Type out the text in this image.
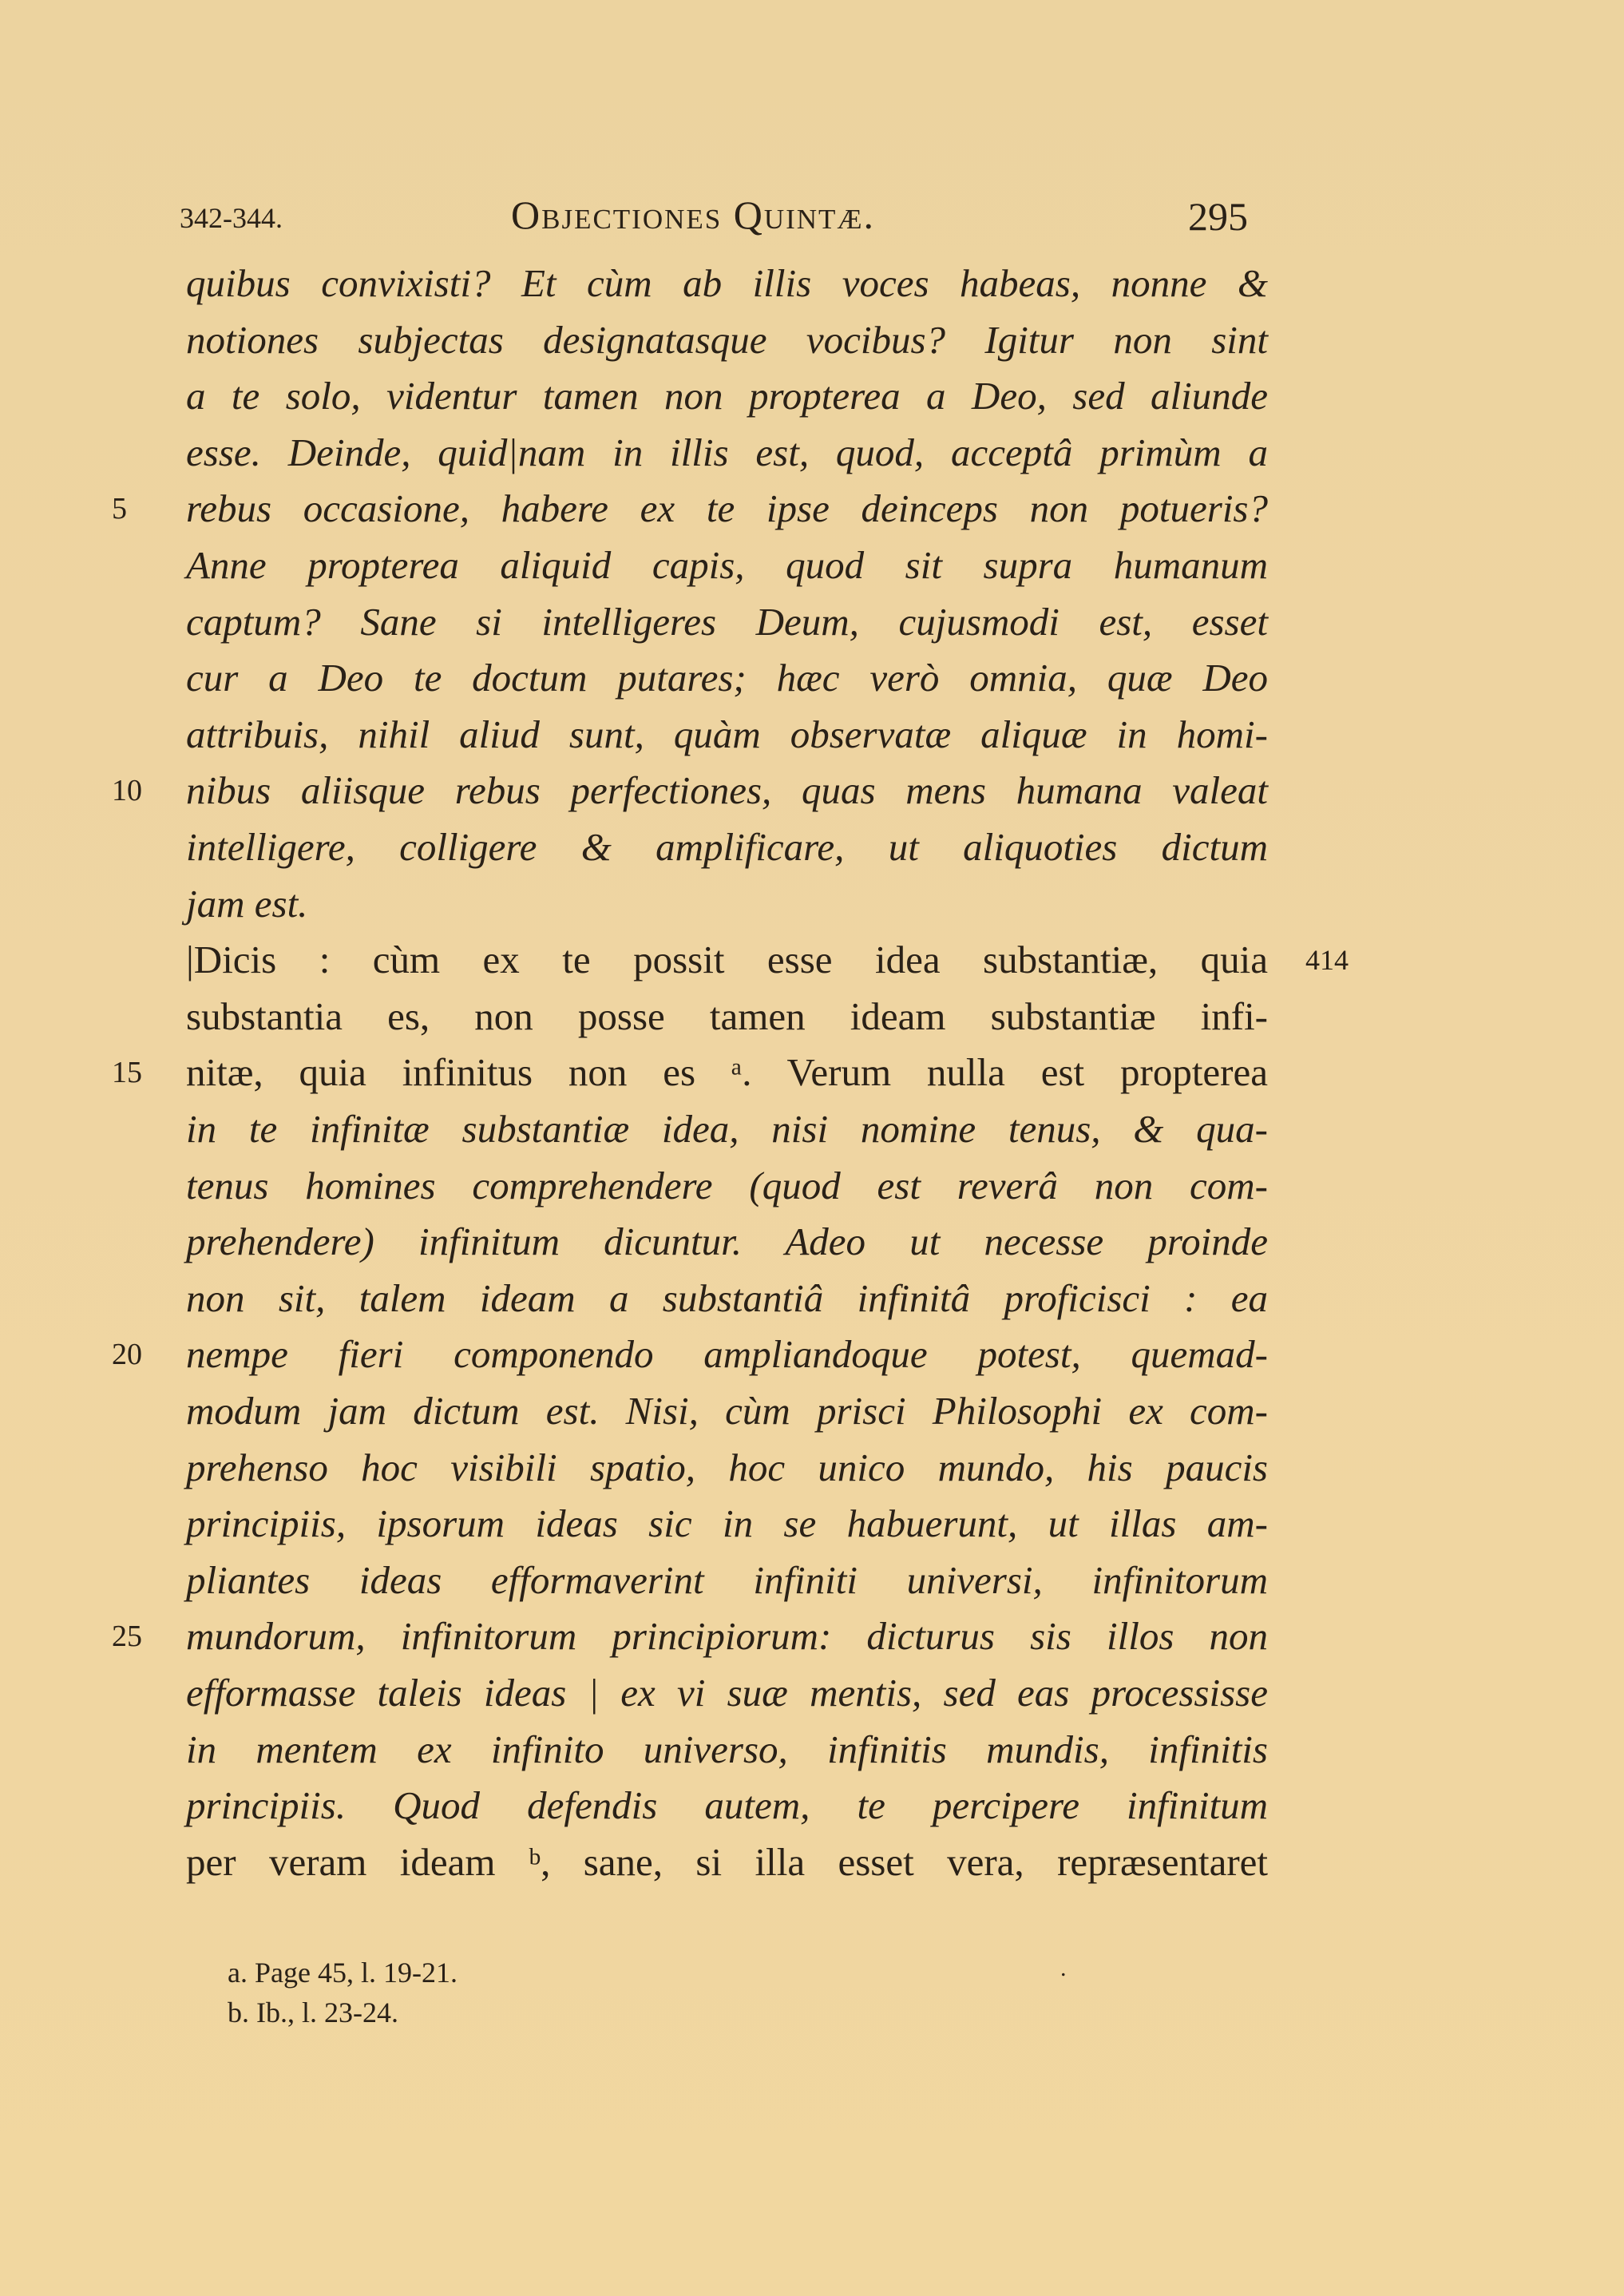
342-344.	Objectiones Quintæ.	295
quibus convixisti? Et cùm ab illis voces habeas, nonne &
notiones subjectas designatasque vocibus? Igitur non sint
a te solo, videntur tamen non propterea a Deo, sed aliunde
esse. Deinde, quid|nam in illis est, quod, acceptâ primùm a
rebus occasione, habere ex te ipse deinceps non potueris?
5
Anne propterea aliquid capis, quod sit supra humanum
captum? Sane si intelligeres Deum, cujusmodi est, esset
cur a Deo te doctum putares; hæc verò omnia, quæ Deo
attribuis, nihil aliud sunt, quàm observatæ aliquæ in homi-
nibus aliisque rebus perfectiones, quas mens humana valeat
10
intelligere, colligere & amplificare, ut aliquoties dictum
jam est.
|Dicis : cùm ex te possit esse idea substantiæ, quia 414
substantia es, non posse tamen ideam substantiæ infi-
nitæ, quia infinitus non es ᵃ. Verum nulla est propterea
15
in te infinitæ substantiæ idea, nisi nomine tenus, & qua-
tenus homines comprehendere (quod est reverâ non com-
prehendere) infinitum dicuntur. Adeo ut necesse proinde
non sit, talem ideam a substantiâ infinitâ proficisci : ea
nempe fieri componendo ampliandoque potest, quemad-
20
modum jam dictum est. Nisi, cùm prisci Philosophi ex com-
prehenso hoc visibili spatio, hoc unico mundo, his paucis
principiis, ipsorum ideas sic in se habuerunt, ut illas am-
pliantes ideas efformaverint infiniti universi, infinitorum
mundorum, infinitorum principiorum: dicturus sis illos non
25
efformasse taleis ideas | ex vi suæ mentis, sed eas processisse
in mentem ex infinito universo, infinitis mundis, infinitis
principiis. Quod defendis autem, te percipere infinitum
per veram ideam ᵇ, sane, si illa esset vera, repræsentaret
a. Page 45, l. 19-21.
b. Ib., l. 23-24.
.
